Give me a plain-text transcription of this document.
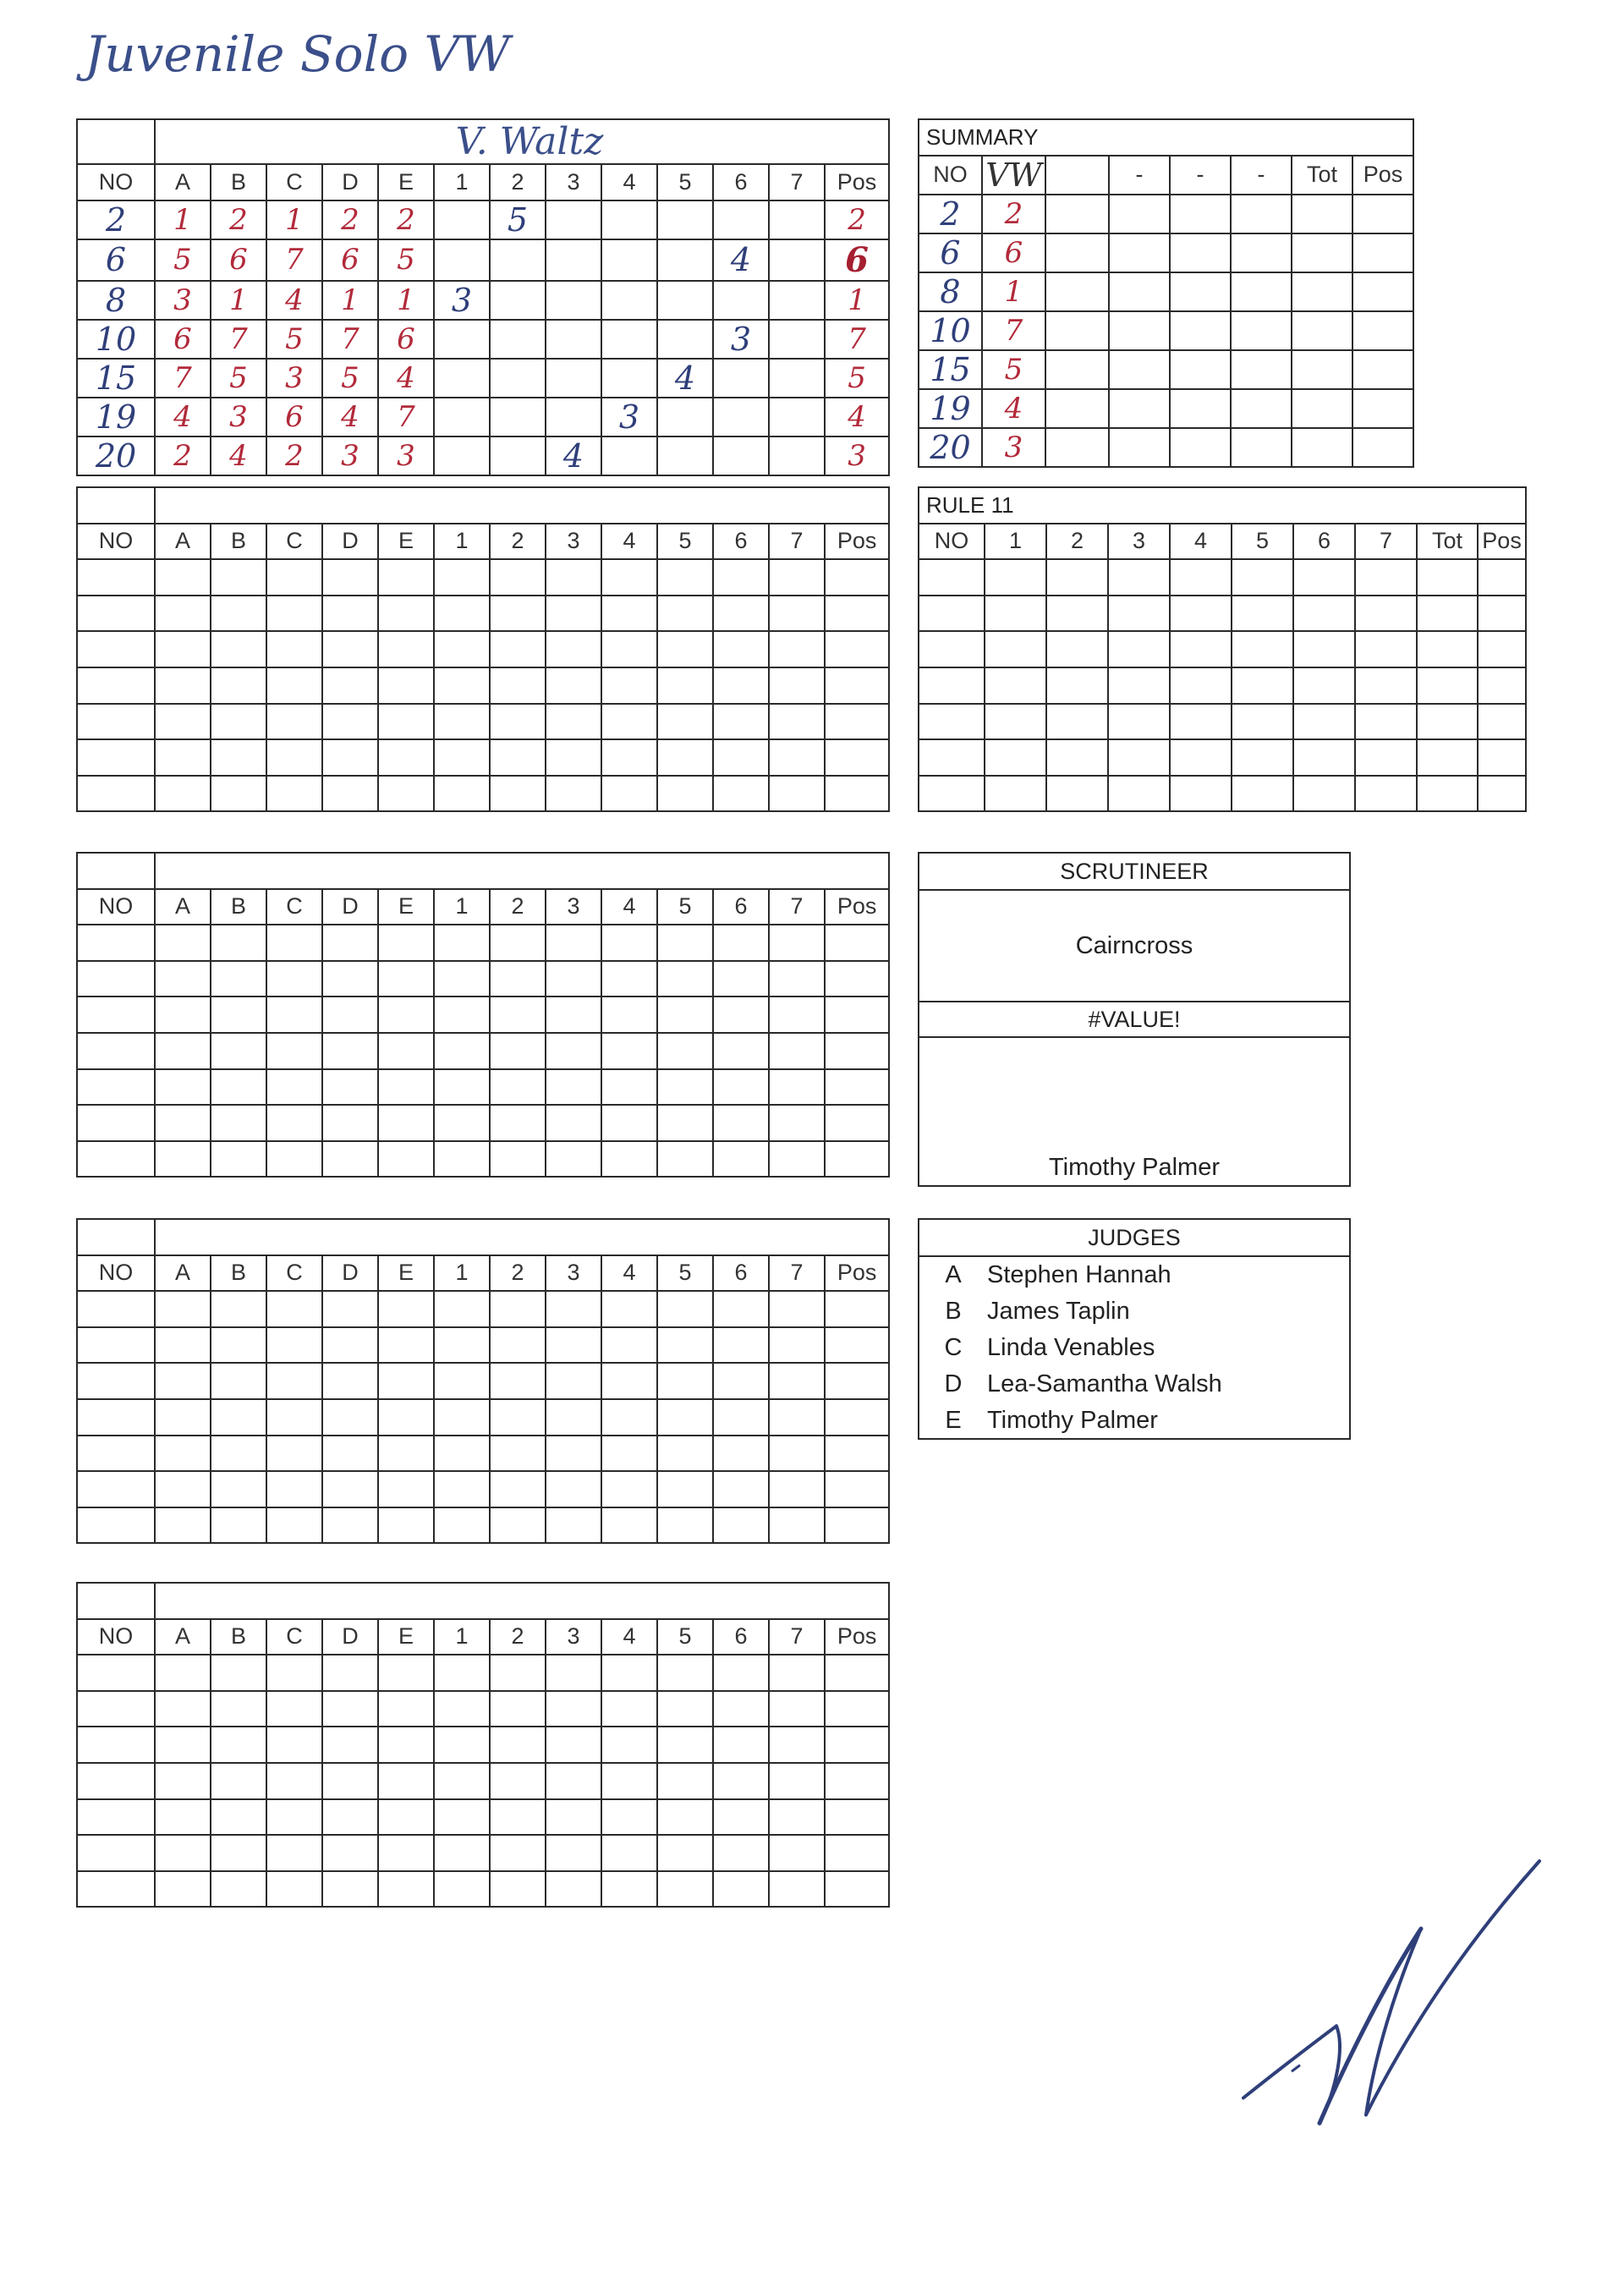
Juvenile Solo VW
	V. Waltz												
NO	A	B	C	D	E	1	2	3	4	5	6	7	Pos
2	1	2	1	2	2		5						2
6	5	6	7	6	5						4		6
8	3	1	4	1	1	3							1
10	6	7	5	7	6						3		7
15	7	5	3	5	4					4			5
19	4	3	6	4	7				3				4
20	2	4	2	3	3			4					3
SUMMARY							
NO	VW		-	-	-	Tot	Pos
2	2						
6	6						
8	1						
10	7						
15	5						
19	4						
20	3						
RULE 11									
NO	1	2	3	4	5	6	7	Tot	Pos

NO	A	B	C	D	E	1	2	3	4	5	6	7	Pos

NO	A	B	C	D	E	1	2	3	4	5	6	7	Pos

NO	A	B	C	D	E	1	2	3	4	5	6	7	Pos

NO	A	B	C	D	E	1	2	3	4	5	6	7	Pos

SCRUTINEER
Cairncross
#VALUE!
Timothy Palmer
JUDGES
A	Stephen Hannah
B	James Taplin
C	Linda Venables
D	Lea-Samantha Walsh
E	Timothy Palmer
